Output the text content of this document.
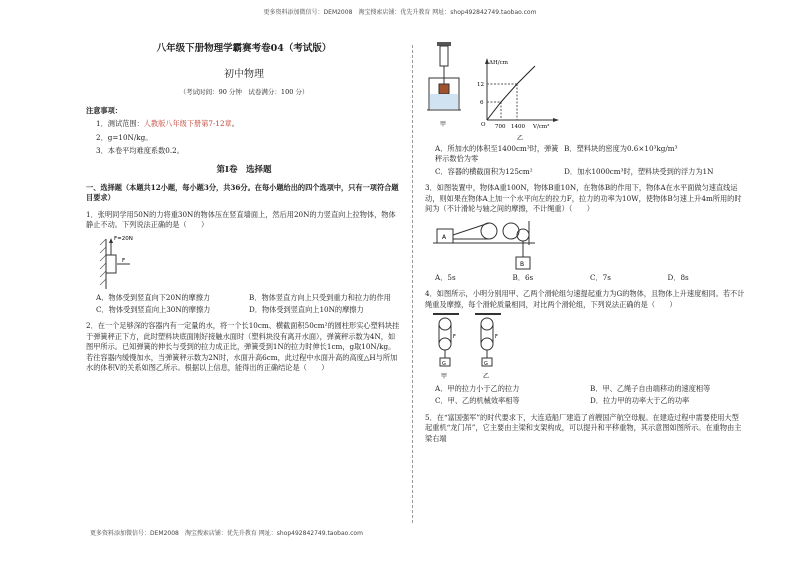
更多资料添加微信号：DEM2008　淘宝搜索店铺：优先升教育 网址：shop492842749.taobao.com
八年级下册物理学霸赛考卷04（考试版）
初中物理
（考试时间：90 分钟　试卷满分：100 分）
注意事项：
1．测试范围：人教版八年级下册第7-12章。
2．g=10N/kg。
3．本卷平均难度系数0.2。
第Ⅰ卷　选择题
一、选择题（本题共12小题，每小题3分，共36分。在每小题给出的四个选项中，只有一项符合题目要求）
1．张明同学用50N的力将重30N的物体压在竖直墙面上，然后用20N的力竖直向上拉物体，物体静止不动。下列说法正确的是（　　）
F=20N
F
A．物体受到竖直向下20N的摩擦力	B．物体竖直方向上只受到重力和拉力的作用
C．物体受到竖直向上30N的摩擦力	D．物体受到竖直向上10N的摩擦力
2．在一个足够深的容器内有一定量的水，将一个长10cm、横截面积50cm²的圆柱形实心塑料块挂于弹簧秤正下方，此时塑料块底面刚好接触水面时（塑料块没有离开水面），弹簧秤示数为4N，如图甲所示。已知弹簧的伸长与受到的拉力成正比，弹簧受到1N的拉力时伸长1cm，g取10N/kg。若往容器内缓慢加水，当弹簧秤示数为2N时，水面升高6cm，此过程中水面升高的高度△H与所加水的体积V的关系如图乙所示。根据以上信息，能得出的正确结论是（　　）
甲
ΔH/cm
V/cm³
12
6
700 1400
O
乙
A．所加水的体积至1400cm³时，弹簧秤示数恰为零
B．塑料块的密度为0.6×10³kg/m³
C．容器的横截面积为125cm²	D．加水1000cm³时，塑料块受到的浮力为1N
3．如图装置中，物体A重100N，物体B重10N，在物体B的作用下，物体A在水平面做匀速直线运动，则如果在物体A上加一个水平向左的拉力F，拉力的功率为10W，使物体B匀速上升4m所用的时间为（不计滑轮与轴之间的摩擦，不计绳重）（　　）
A
B
A．5s	B．6s	C．7s	D．8s
4．如图所示，小明分别用甲、乙两个滑轮组匀速提起重力为G的物体，且物体上升速度相同。若不计绳重及摩擦，每个滑轮质量相同，对比两个滑轮组，下列说法正确的是（　　）
G
F
甲
G
F
乙
A．甲的拉力小于乙的拉力	B．甲、乙绳子自由端移动的速度相等
C．甲、乙的机械效率相等	D．拉力甲的功率大于乙的功率
5．在“富国强军”的时代要求下，大连造船厂建造了首艘国产航空母舰。在建造过程中需要使用大型起重机“龙门吊”，它主要由主梁和支架构成，可以提升和平移重物，其示意图如图所示。在重物由主梁右端
更多资料添加微信号：DEM2008　淘宝搜索店铺：优先升教育 网址：shop492842749.taobao.com
